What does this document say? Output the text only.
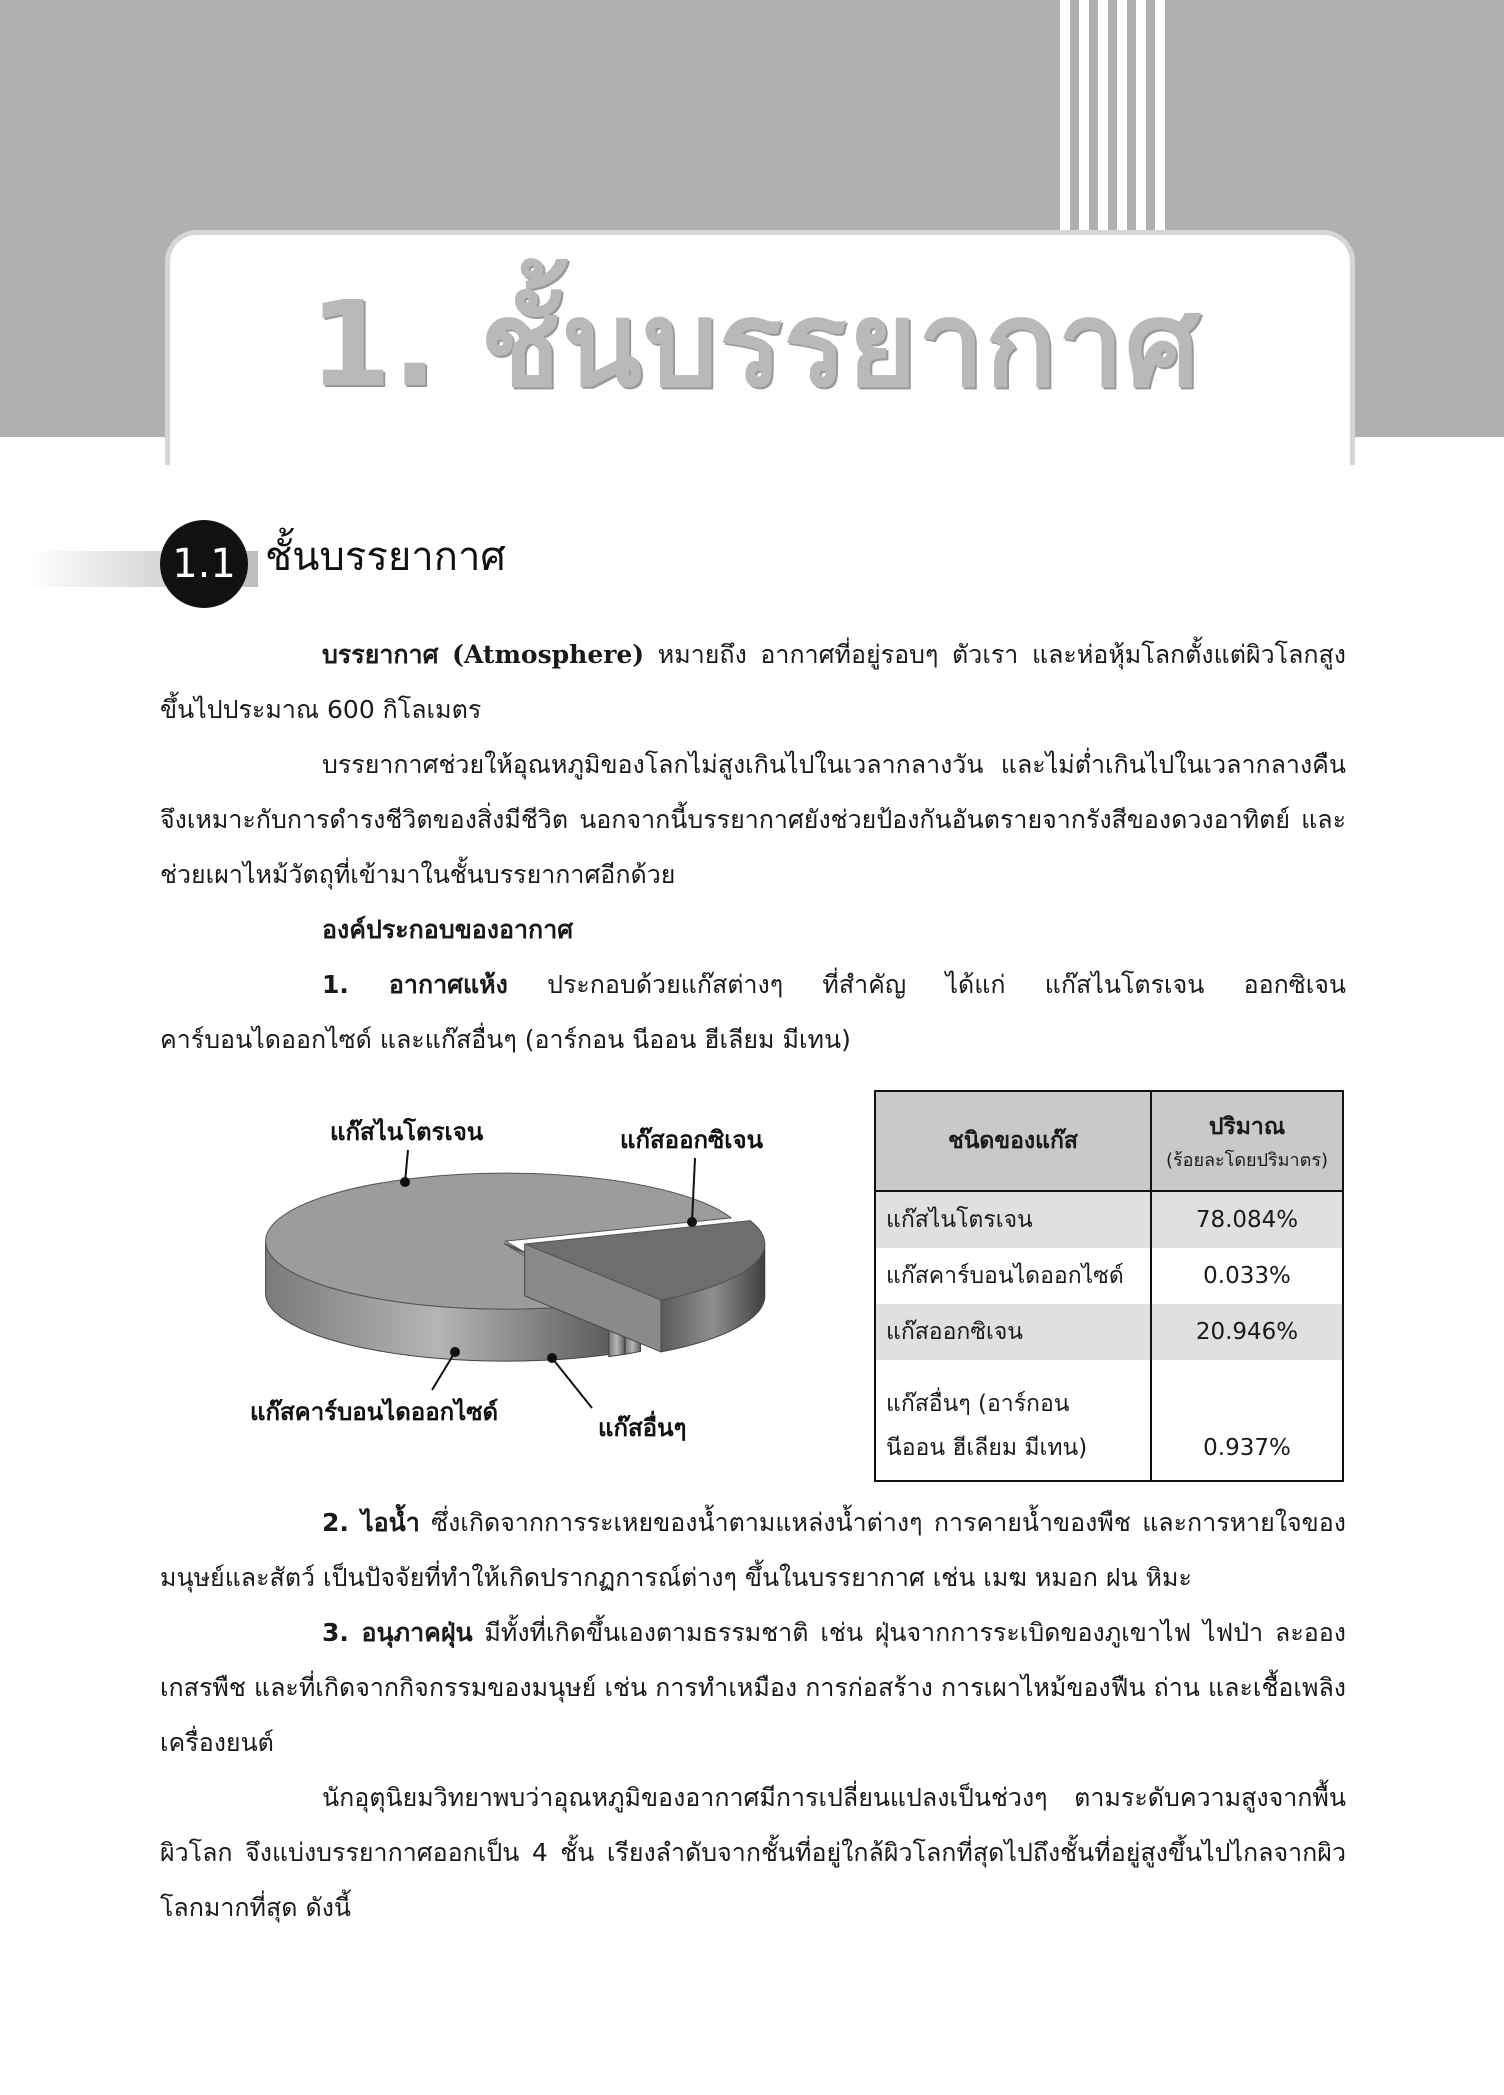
1. ชั้นบรรยากาศ
1.1 ชั้นบรรยากาศ

บรรยากาศ (Atmosphere) หมายถึง อากาศที่อยู่รอบๆ ตัวเรา และห่อหุ้มโลกตั้งแต่ผิวโลกสูงขึ้นไปประมาณ 600 กิโลเมตร

บรรยากาศช่วยให้อุณหภูมิของโลกไม่สูงเกินไปในเวลากลางวัน และไม่ต่ำเกินไปในเวลากลางคืน จึงเหมาะกับการดำรงชีวิตของสิ่งมีชีวิต นอกจากนี้บรรยากาศยังช่วยป้องกันอันตรายจากรังสีของดวงอาทิตย์ และช่วยเผาไหม้วัตถุที่เข้ามาในชั้นบรรยากาศอีกด้วย

องค์ประกอบของอากาศ

1. อากาศแห้ง ประกอบด้วยแก๊สต่างๆ ที่สำคัญ ได้แก่ แก๊สไนโตรเจน ออกซิเจน คาร์บอนไดออกไซด์ และแก๊สอื่นๆ (อาร์กอน นีออน ฮีเลียม มีเทน)

แก๊สไนโตรเจน	แก๊สออกซิเจน
แก๊สคาร์บอนไดออกไซด์
แก๊สอื่นๆ
ชนิดของแก๊ส	ปริมาณ
(ร้อยละโดยปริมาตร)

แก๊สไนโตรเจน	78.084%
แก๊สคาร์บอนไดออกไซด์	0.033%
แก๊สออกซิเจน	20.946%
แก๊สอื่นๆ (อาร์กอน
นีออน ฮีเลียม มีเทน)	0.937%

2. ไอน้ำ ซึ่งเกิดจากการระเหยของน้ำตามแหล่งน้ำต่างๆ การคายน้ำของพืช และการหายใจของมนุษย์และสัตว์ เป็นปัจจัยที่ทำให้เกิดปรากฏการณ์ต่างๆ ขึ้นในบรรยากาศ เช่น เมฆ หมอก ฝน หิมะ

3. อนุภาคฝุ่น มีทั้งที่เกิดขึ้นเองตามธรรมชาติ เช่น ฝุ่นจากการระเบิดของภูเขาไฟ ไฟป่า ละอองเกสรพืช และที่เกิดจากกิจกรรมของมนุษย์ เช่น การทำเหมือง การก่อสร้าง การเผาไหม้ของฟืน ถ่าน และเชื้อเพลิงเครื่องยนต์

นักอุตุนิยมวิทยาพบว่าอุณหภูมิของอากาศมีการเปลี่ยนแปลงเป็นช่วงๆ ตามระดับความสูงจากพื้นผิวโลก จึงแบ่งบรรยากาศออกเป็น 4 ชั้น เรียงลำดับจากชั้นที่อยู่ใกล้ผิวโลกที่สุดไปถึงชั้นที่อยู่สูงขึ้นไปไกลจากผิวโลกมากที่สุด ดังนี้
